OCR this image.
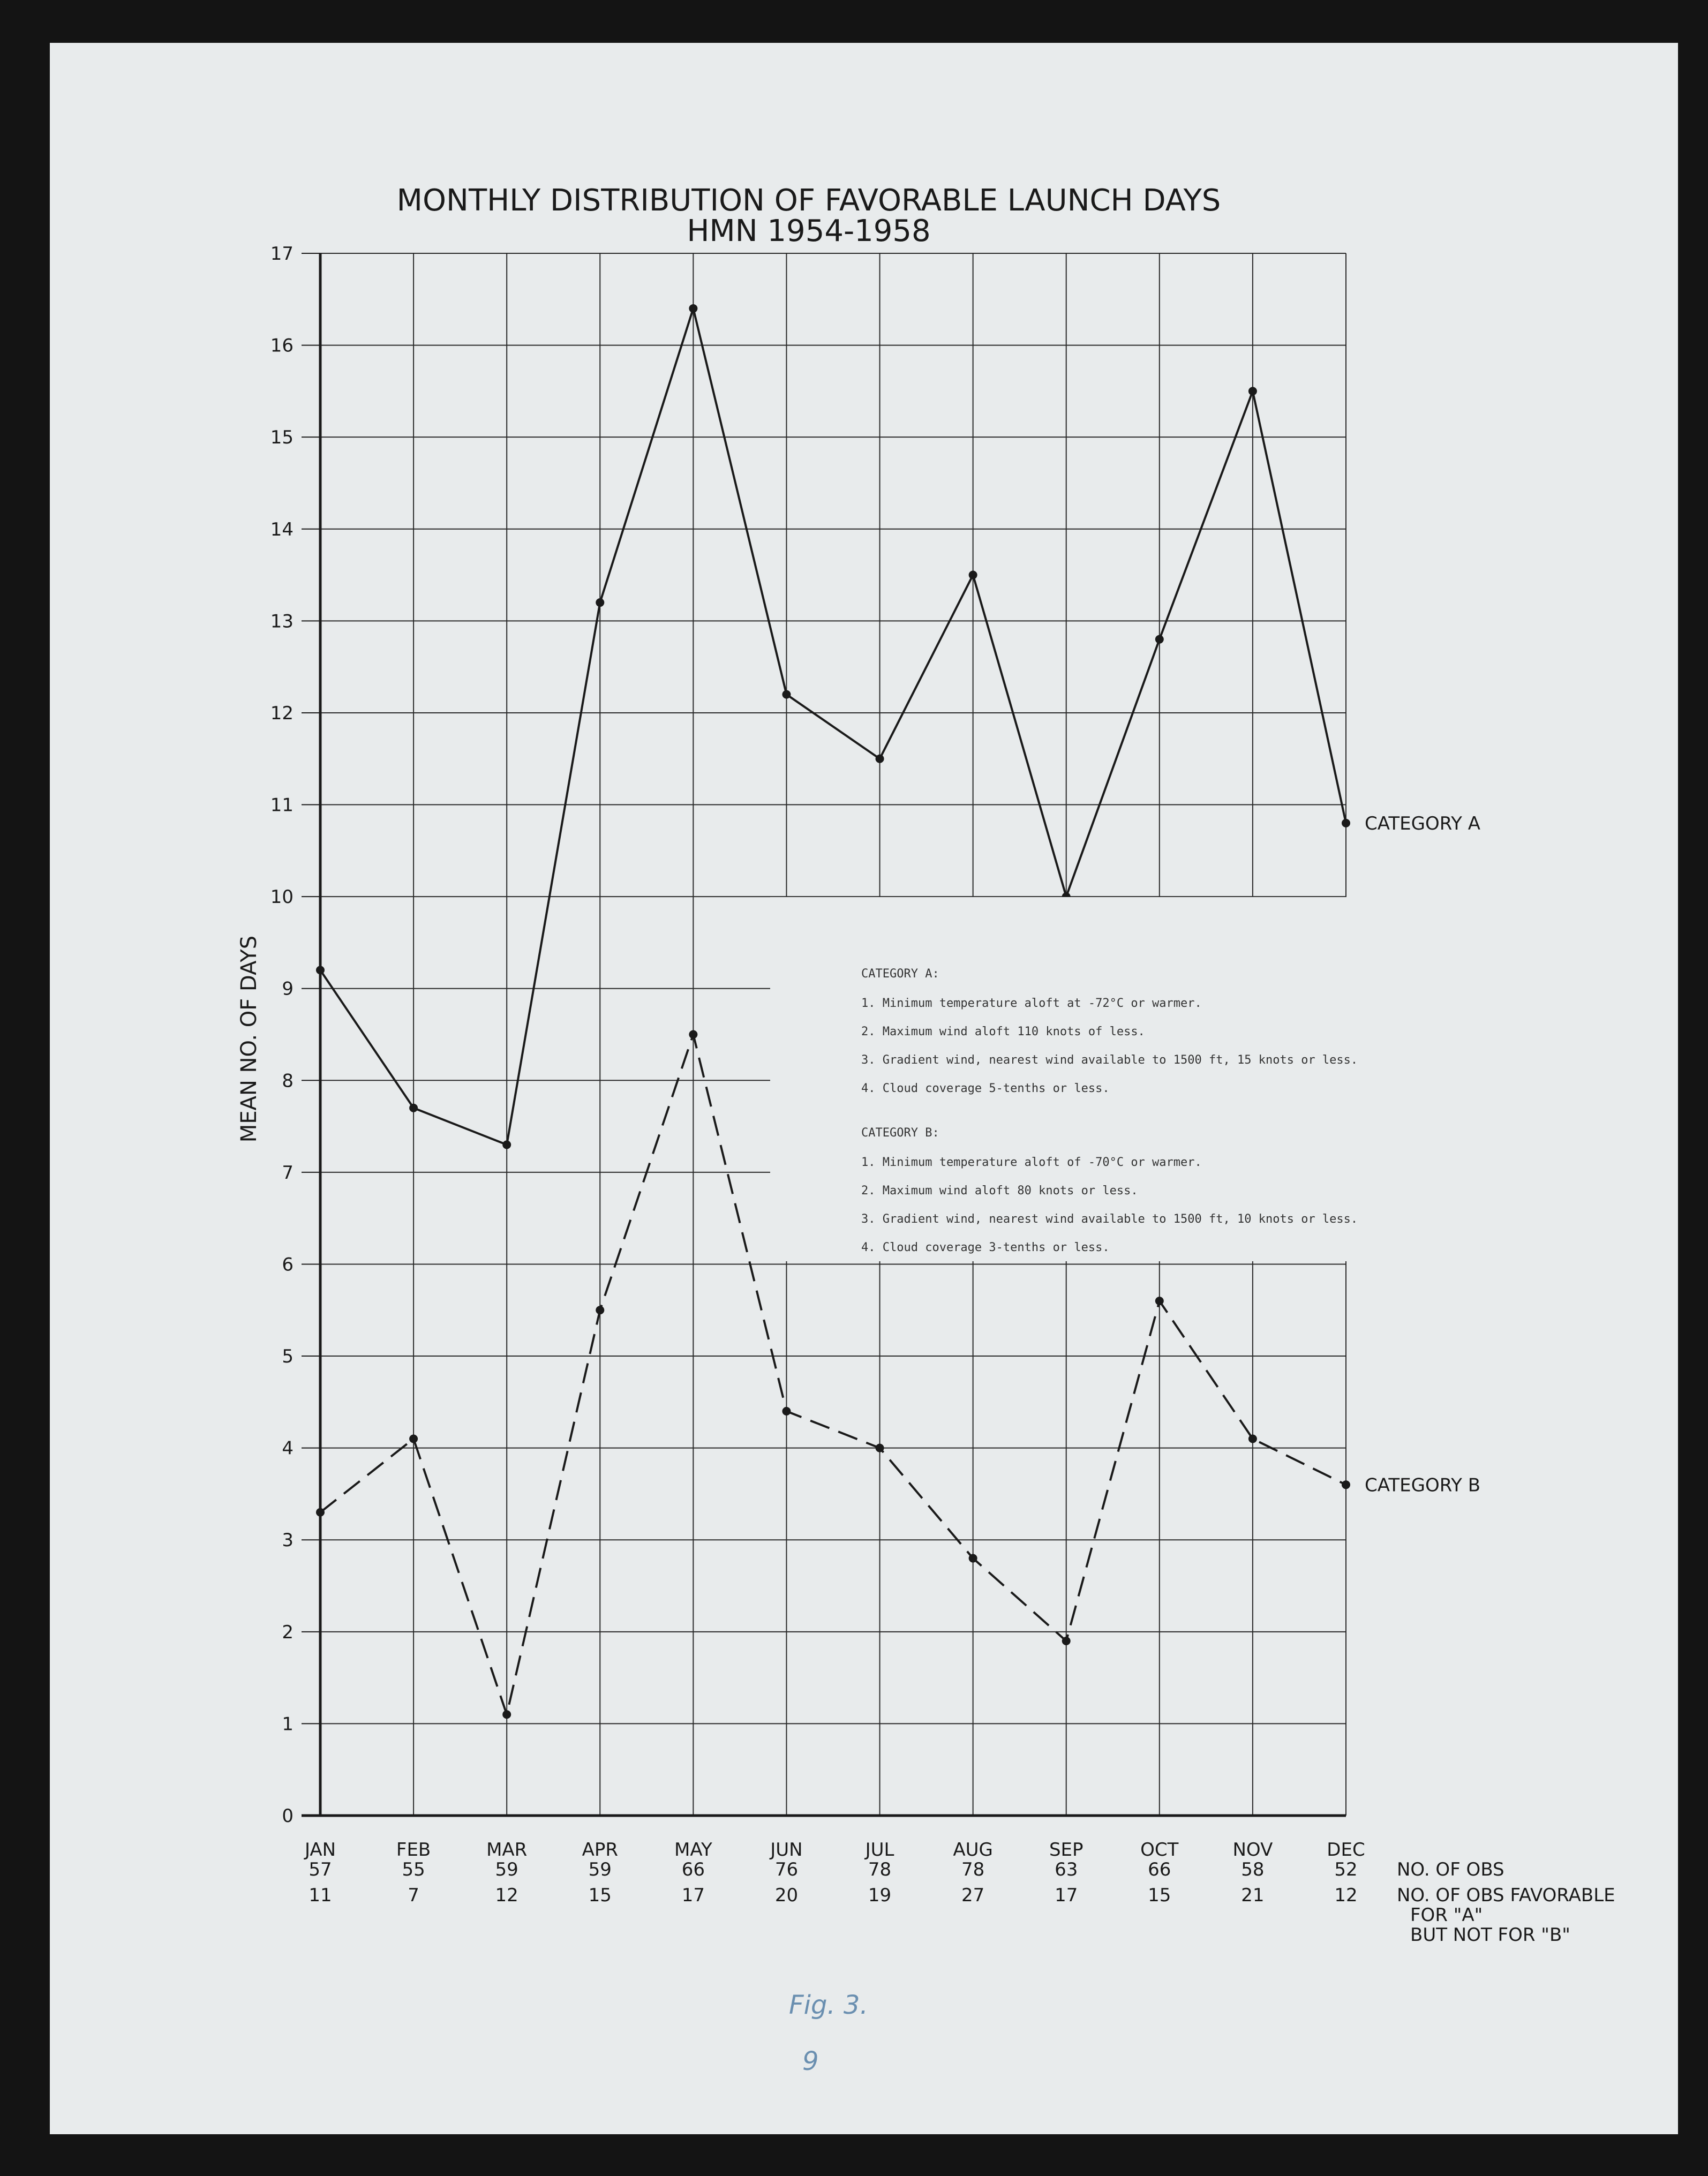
MONTHLY DISTRIBUTION OF FAVORABLE LAUNCH DAYS
HMN 1954-1958
0
1
2
3
4
5
6
7
8
9
10
11
12
13
14
15
16
17
MEAN NO. OF DAYS
CATEGORY A
CATEGORY B
JAN
57
11
FEB
55
7
MAR
59
12
APR
59
15
MAY
66
17
JUN
76
20
JUL
78
19
AUG
78
27
SEP
63
17
OCT
66
15
NOV
58
21
DEC
52
12
NO. OF OBS
NO. OF OBS FAVORABLE
FOR "A"
BUT NOT FOR "B"
CATEGORY A:
1. Minimum temperature aloft at -72°C or warmer.
2. Maximum wind aloft 110 knots of less.
3. Gradient wind, nearest wind available to 1500 ft, 15 knots or less.
4. Cloud coverage 5-tenths or less.
CATEGORY B:
1. Minimum temperature aloft of -70°C or warmer.
2. Maximum wind aloft 80 knots or less.
3. Gradient wind, nearest wind available to 1500 ft, 10 knots or less.
4. Cloud coverage 3-tenths or less.
Fig. 3.
9
